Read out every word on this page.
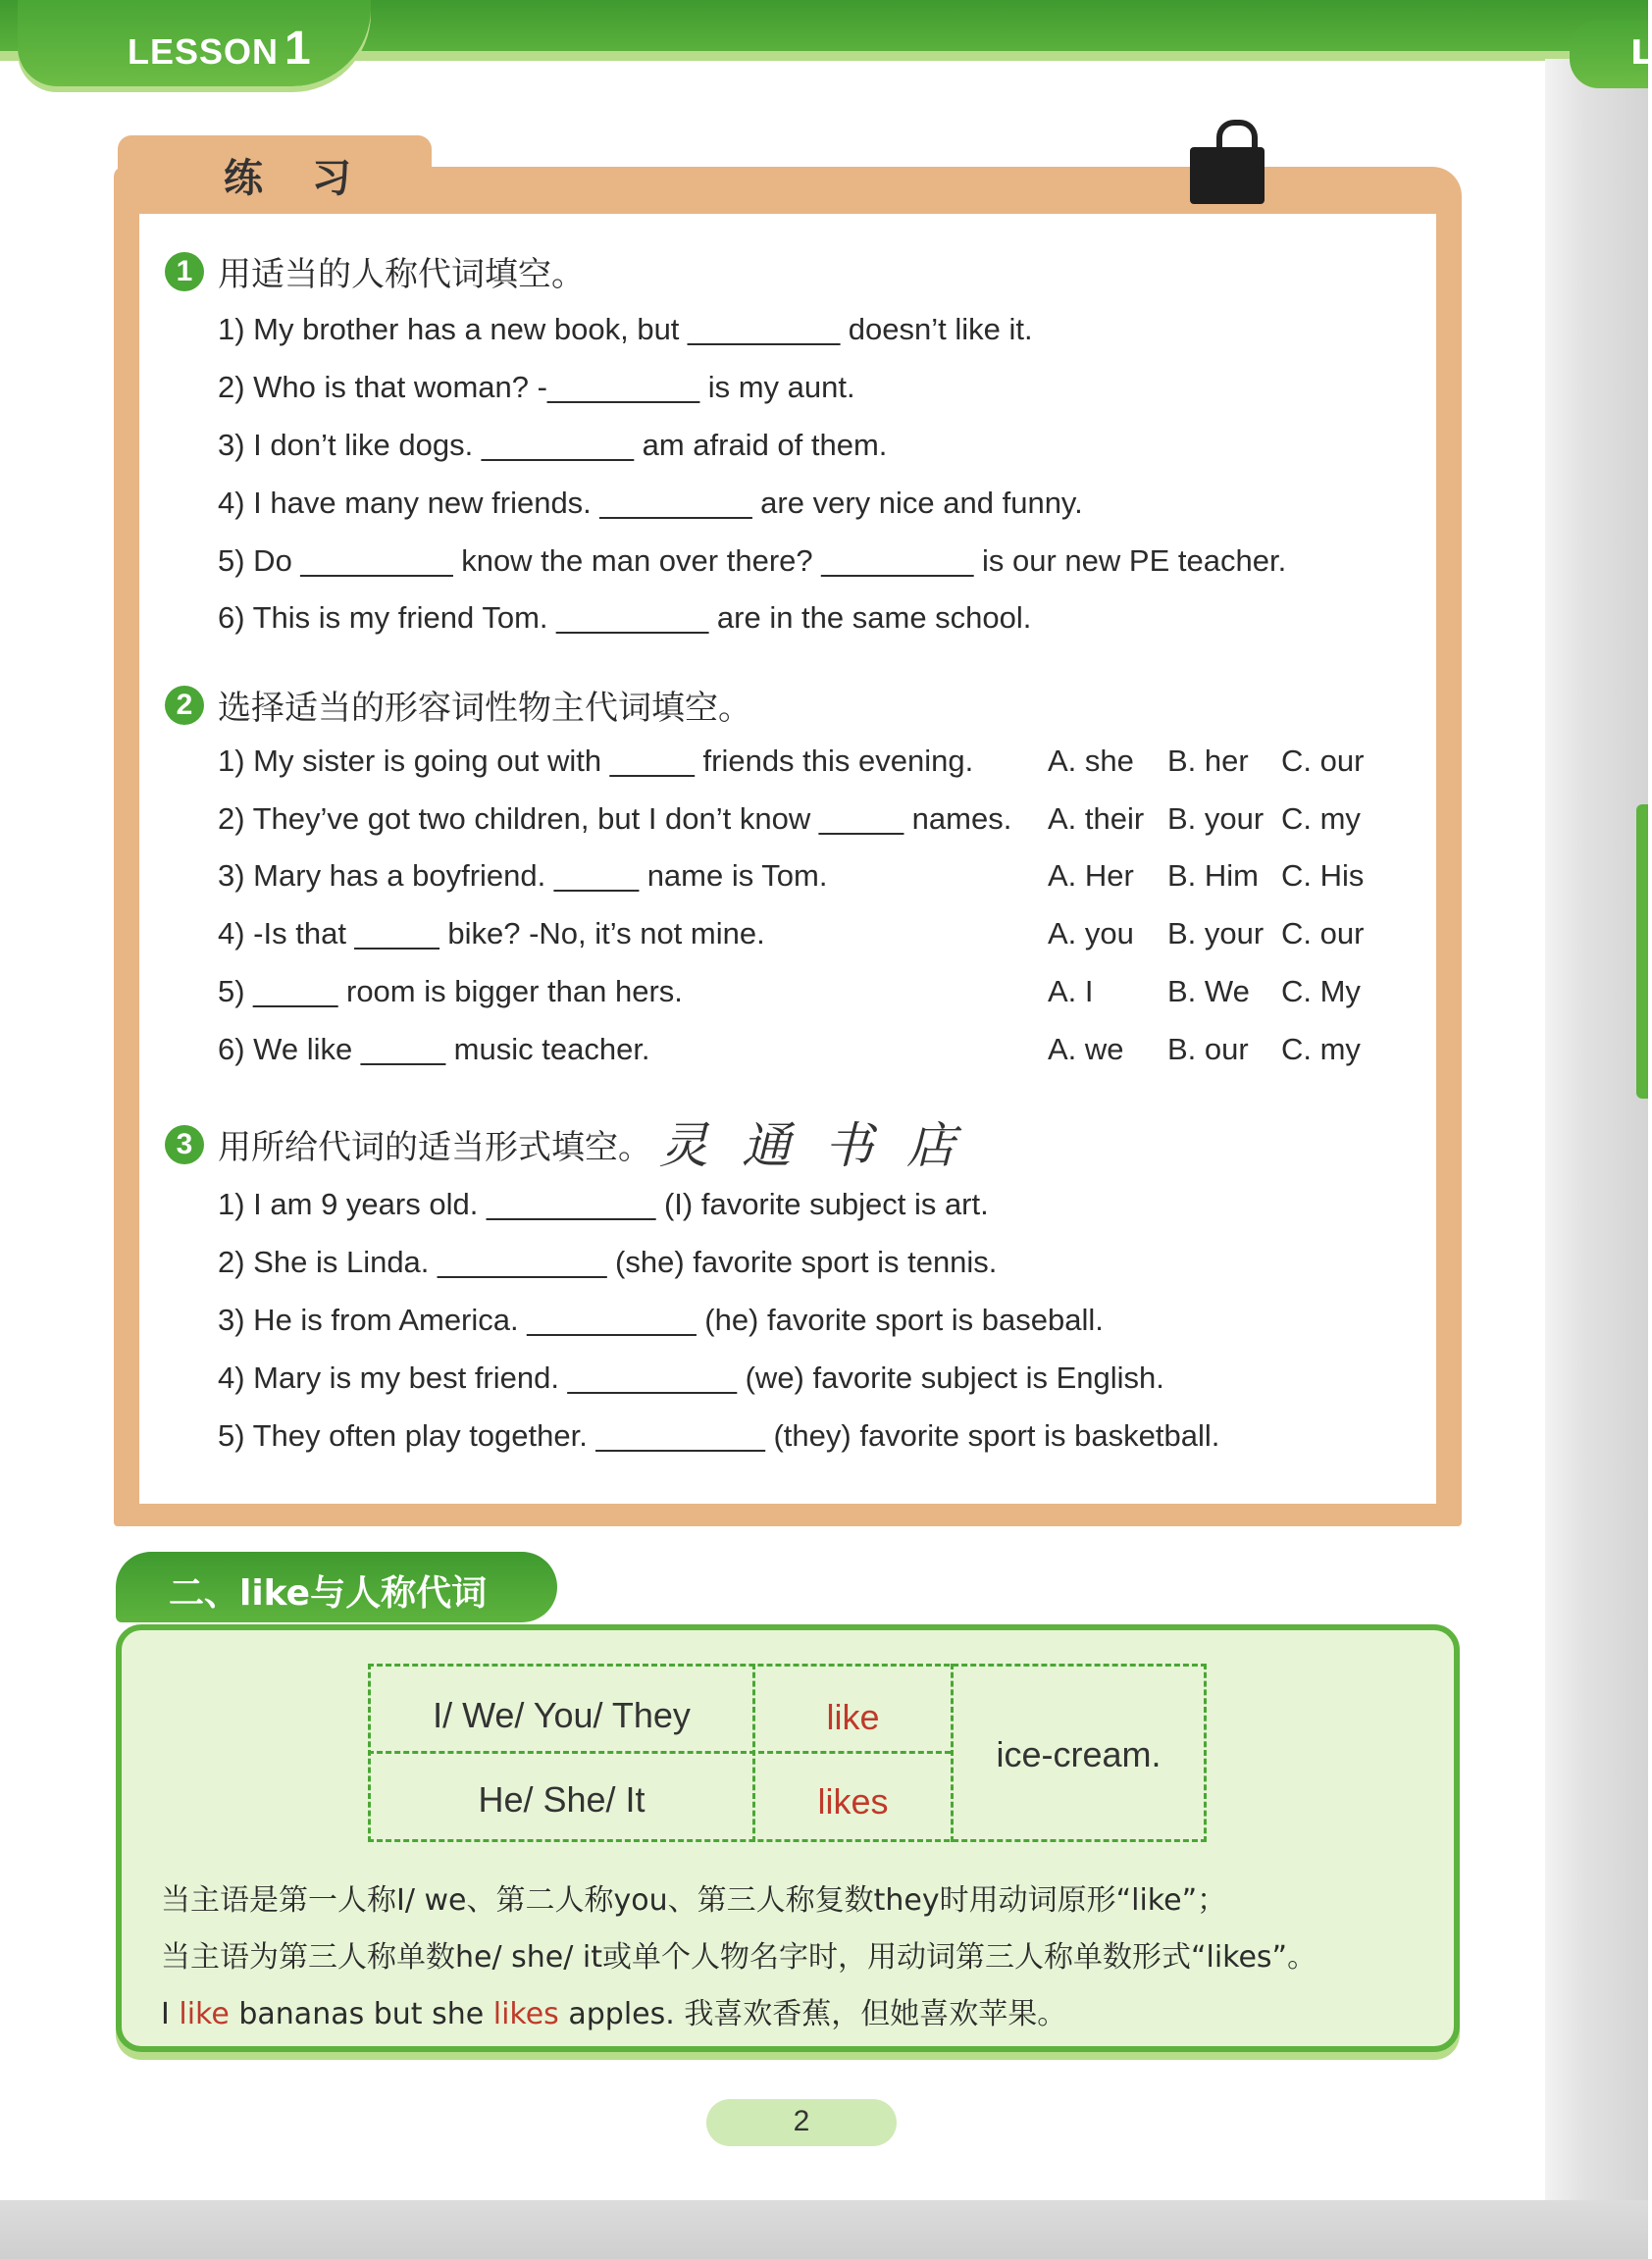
LESSON 1	L
练 习
1 用适当的人称代词填空。
1) My brother has a new book, but _________ doesn’t like it.
2) Who is that woman? -_________ is my aunt.
3) I don’t like dogs. _________ am afraid of them.
4) I have many new friends. _________ are very nice and funny.
5) Do _________ know the man over there? _________ is our new PE teacher.
6) This is my friend Tom. _________ are in the same school.
2 选择适当的形容词性物主代词填空。
1) My sister is going out with _____ friends this evening. A. she B. her C. our
2) They’ve got two children, but I don’t know _____ names. A. their B. your C. my
3) Mary has a boyfriend. _____ name is Tom.	A. Her B. Him C. His
4) -Is that _____ bike? -No, it’s not mine.	A. you B. your C. our
5) _____ room is bigger than hers.	A. I B. We C. My
6) We like _____ music teacher.	A. we B. our C. my
3 用所给代词的适当形式填空。 灵通书店
1) I am 9 years old. __________ (I) favorite subject is art.
2) She is Linda. __________ (she) favorite sport is tennis.
3) He is from America. __________ (he) favorite sport is baseball.
4) Mary is my best friend. __________ (we) favorite subject is English.
5) They often play together. __________ (they) favorite sport is basketball.
二、like与人称代词
I/ We/ You/ They	like
He/ She/ It	likes
ice-cream.
当主语是第一人称I/ we、第二人称you、第三人称复数they时用动词原形“like”；
当主语为第三人称单数he/ she/ it或单个人物名字时，用动词第三人称单数形式“likes”。
I like bananas but she likes apples. 我喜欢香蕉，但她喜欢苹果。
2
